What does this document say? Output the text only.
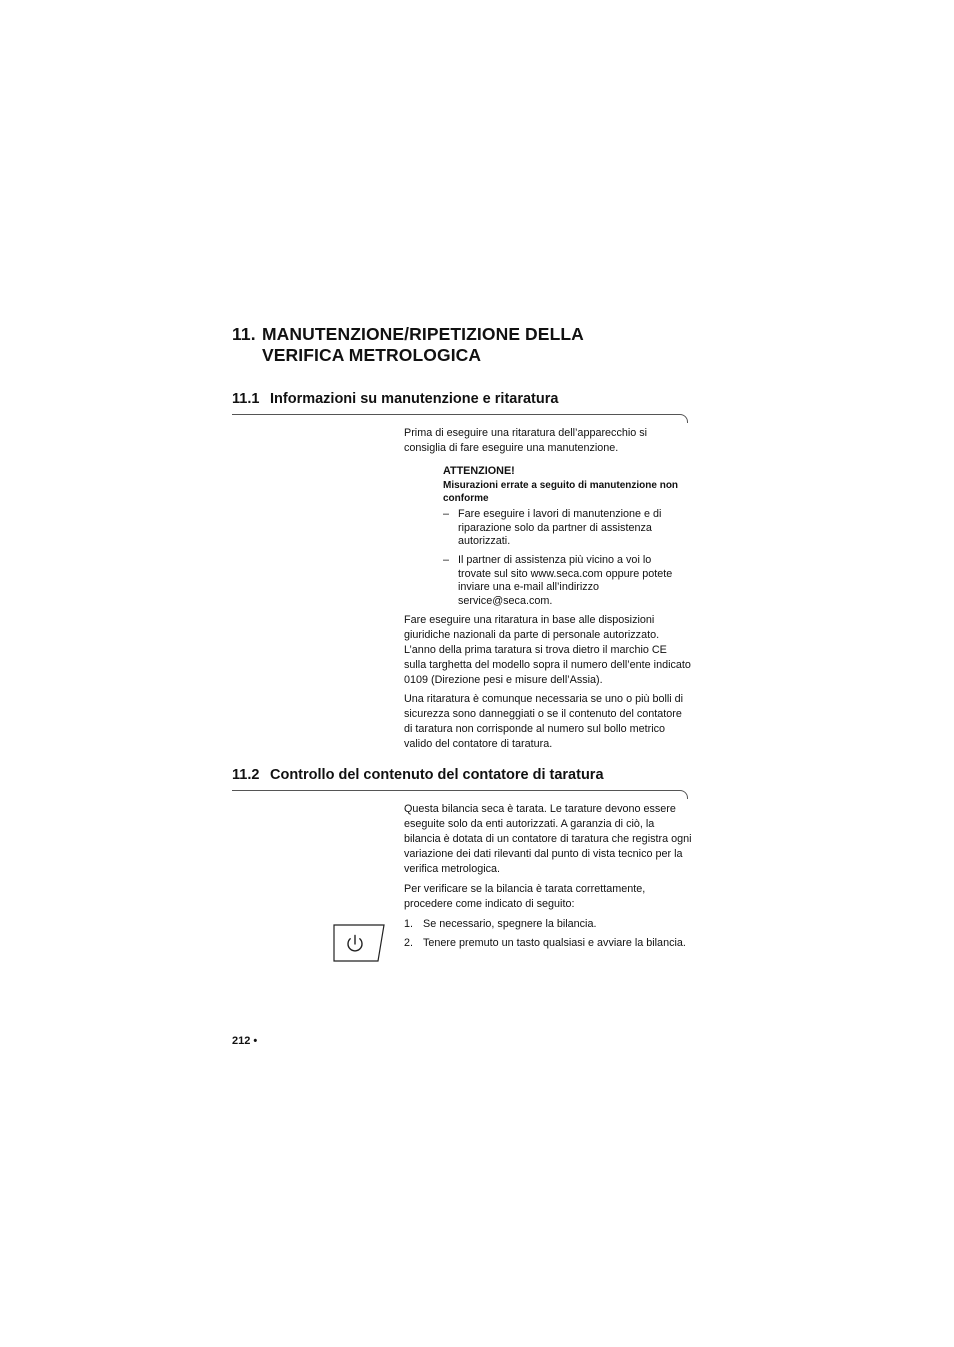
11. MANUTENZIONE/RIPETIZIONE DELLA
VERIFICA METROLOGICA
11.1 Informazioni su manutenzione e ritaratura
Prima di eseguire una ritaratura dell’apparecchio si consiglia di fare eseguire una manutenzione.
ATTENZIONE!
Misurazioni errate a seguito di manutenzione non conforme
– Fare eseguire i lavori di manutenzione e di riparazione solo da partner di assistenza autorizzati.
– Il partner di assistenza più vicino a voi lo trovate sul sito www.seca.com oppure potete inviare una e-mail all’indirizzo service@seca.com.
Fare eseguire una ritaratura in base alle disposizioni giuridiche nazionali da parte di personale autorizzato. L’anno della prima taratura si trova dietro il marchio CE sulla targhetta del modello sopra il numero dell’ente indicato 0109 (Direzione pesi e misure dell’Assia).
Una ritaratura è comunque necessaria se uno o più bolli di sicurezza sono danneggiati o se il contenuto del contatore di taratura non corrisponde al numero sul bollo metrico valido del contatore di taratura.
11.2 Controllo del contenuto del contatore di taratura
Questa bilancia seca è tarata. Le tarature devono essere eseguite solo da enti autorizzati. A garanzia di ciò, la bilancia è dotata di un contatore di taratura che registra ogni variazione dei dati rilevanti dal punto di vista tecnico per la verifica metrologica.
Per verificare se la bilancia è tarata correttamente, procedere come indicato di seguito:
1. Se necessario, spegnere la bilancia.
2. Tenere premuto un tasto qualsiasi e avviare la bilancia.
212 •
